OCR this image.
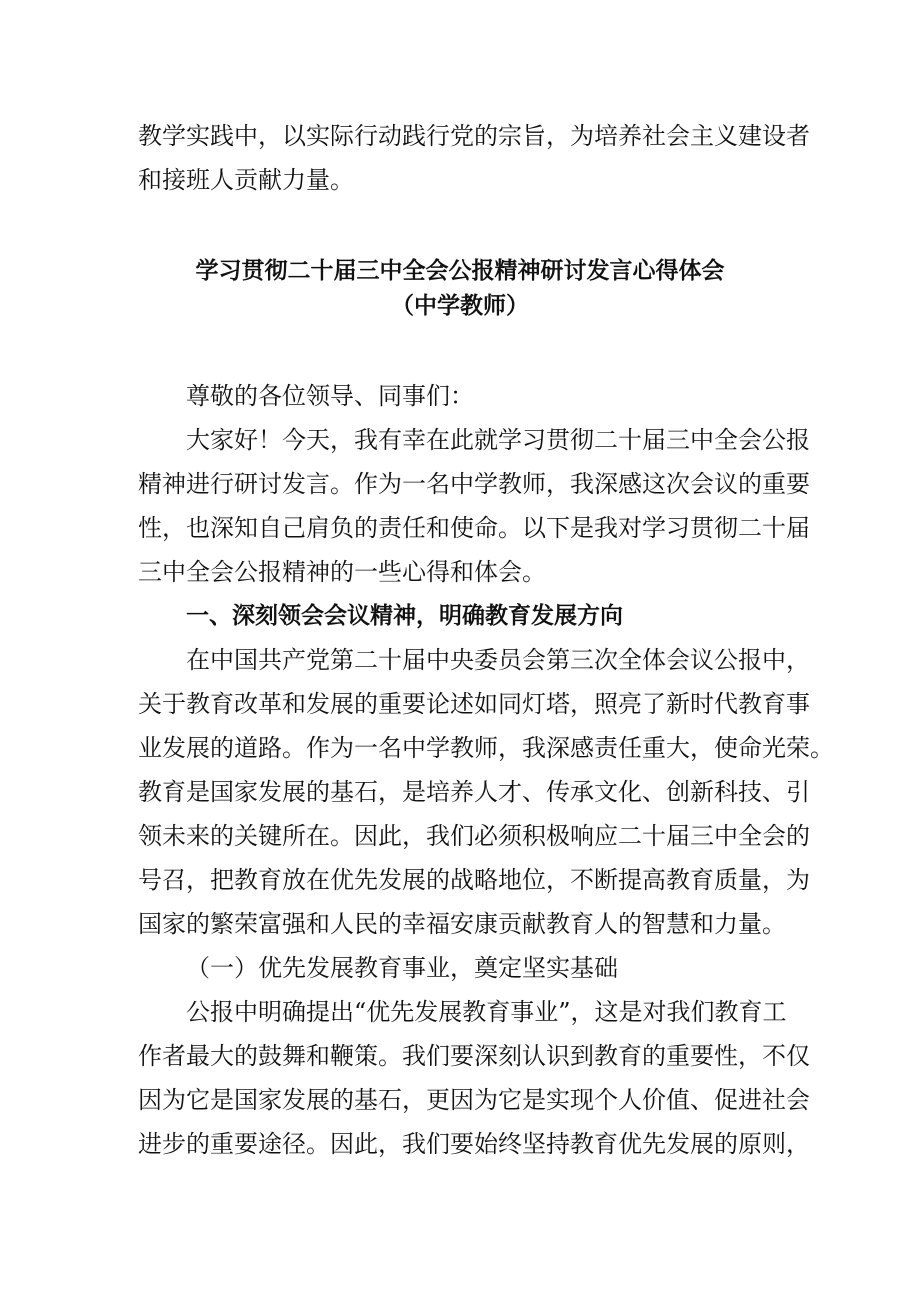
教学实践中，以实际行动践行党的宗旨，为培养社会主义建设者
和接班人贡献力量。
学习贯彻二十届三中全会公报精神研讨发言心得体会
（中学教师）
尊敬的各位领导、同事们：
大家好！今天，我有幸在此就学习贯彻二十届三中全会公报
精神进行研讨发言。作为一名中学教师，我深感这次会议的重要
性，也深知自己肩负的责任和使命。以下是我对学习贯彻二十届
三中全会公报精神的一些心得和体会。
一、深刻领会会议精神，明确教育发展方向
在中国共产党第二十届中央委员会第三次全体会议公报中，
关于教育改革和发展的重要论述如同灯塔，照亮了新时代教育事
业发展的道路。作为一名中学教师，我深感责任重大，使命光荣。
教育是国家发展的基石，是培养人才、传承文化、创新科技、引
领未来的关键所在。因此，我们必须积极响应二十届三中全会的
号召，把教育放在优先发展的战略地位，不断提高教育质量，为
国家的繁荣富强和人民的幸福安康贡献教育人的智慧和力量。
（一）优先发展教育事业，奠定坚实基础
公报中明确提出“优先发展教育事业”，这是对我们教育工
作者最大的鼓舞和鞭策。我们要深刻认识到教育的重要性，不仅
因为它是国家发展的基石，更因为它是实现个人价值、促进社会
进步的重要途径。因此，我们要始终坚持教育优先发展的原则，
